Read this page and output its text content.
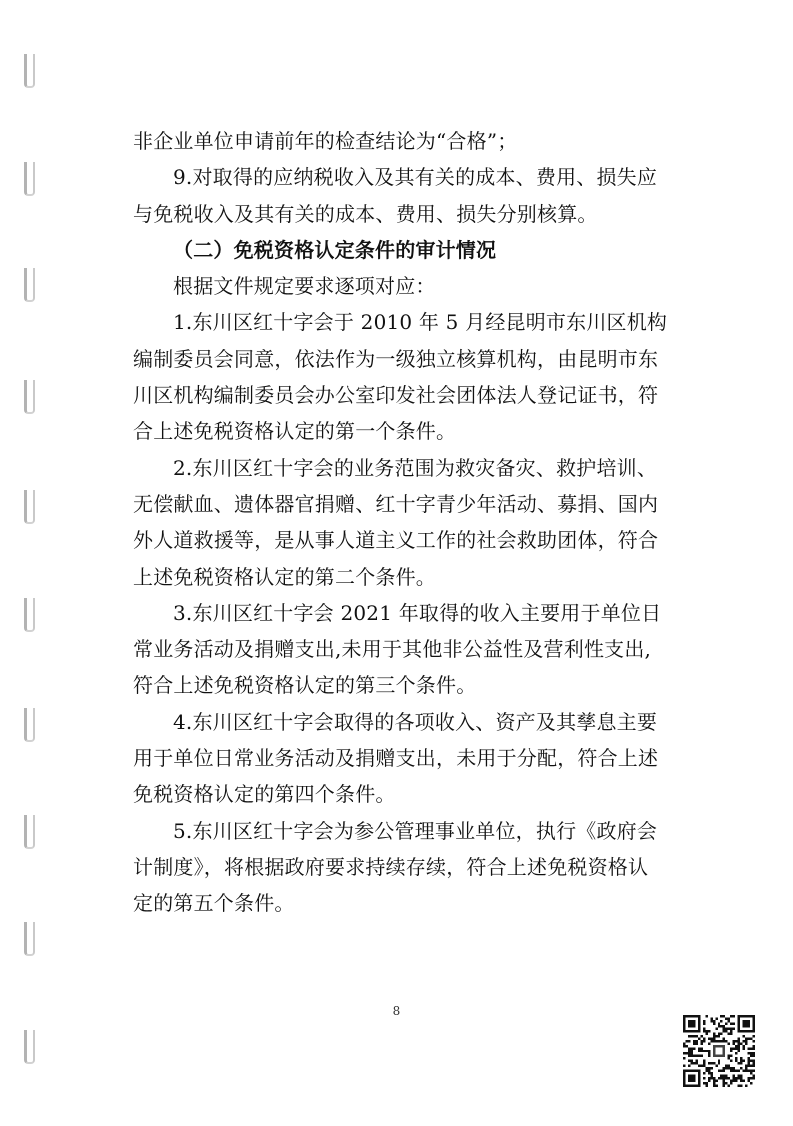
非企业单位申请前年的检查结论为“合格”；
9.对取得的应纳税收入及其有关的成本、费用、损失应
与免税收入及其有关的成本、费用、损失分别核算。
（二）免税资格认定条件的审计情况
根据文件规定要求逐项对应：
1.东川区红十字会于 2010 年 5 月经昆明市东川区机构
编制委员会同意，依法作为一级独立核算机构，由昆明市东
川区机构编制委员会办公室印发社会团体法人登记证书，符
合上述免税资格认定的第一个条件。
2.东川区红十字会的业务范围为救灾备灾、救护培训、
无偿献血、遗体器官捐赠、红十字青少年活动、募捐、国内
外人道救援等，是从事人道主义工作的社会救助团体，符合
上述免税资格认定的第二个条件。
3.东川区红十字会 2021 年取得的收入主要用于单位日
常业务活动及捐赠支出,未用于其他非公益性及营利性支出,
符合上述免税资格认定的第三个条件。
4.东川区红十字会取得的各项收入、资产及其孳息主要
用于单位日常业务活动及捐赠支出，未用于分配，符合上述
免税资格认定的第四个条件。
5.东川区红十字会为参公管理事业单位，执行《政府会
计制度》，将根据政府要求持续存续，符合上述免税资格认
定的第五个条件。
8
